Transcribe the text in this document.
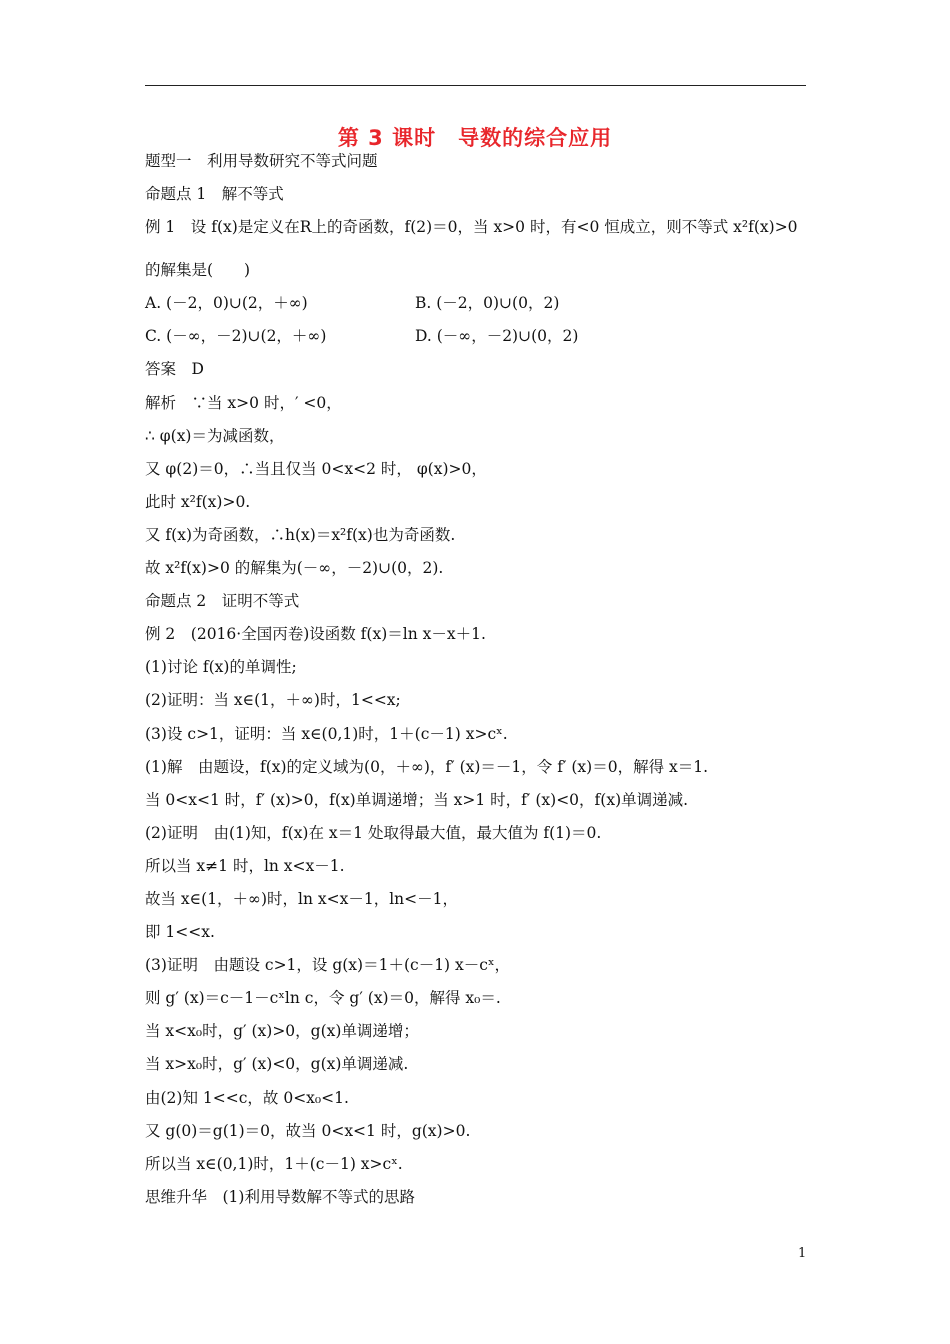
第 3 课时　导数的综合应用
题型一　利用导数研究不等式问题
命题点 1　解不等式
例 1　设 f(x)是定义在R上的奇函数，f(2)＝0，当 x>0 时，有<0 恒成立，则不等式 x²f(x)>0
的解集是(　　)
A. (－2，0)∪(2，＋∞)	B. (－2，0)∪(0，2)
C. (－∞，－2)∪(2，＋∞)	D. (－∞，－2)∪(0，2)
答案　D
解析　∵当 x>0 时，′ <0，
∴ φ(x)＝为减函数，
又 φ(2)＝0，∴当且仅当 0<x<2 时， φ(x)>0，
此时 x²f(x)>0.
又 f(x)为奇函数，∴h(x)＝x²f(x)也为奇函数.
故 x²f(x)>0 的解集为(－∞，－2)∪(0，2).
命题点 2　证明不等式
例 2　(2016·全国丙卷)设函数 f(x)＝ln x－x＋1.
(1)讨论 f(x)的单调性;
(2)证明：当 x∈(1，＋∞)时，1<<x;
(3)设 c>1，证明：当 x∈(0,1)时，1＋(c－1) x>cˣ.
(1)解　由题设，f(x)的定义域为(0，＋∞)，f′ (x)＝－1，令 f′ (x)＝0，解得 x＝1.
当 0<x<1 时，f′ (x)>0，f(x)单调递增；当 x>1 时，f′ (x)<0，f(x)单调递减.
(2)证明　由(1)知，f(x)在 x＝1 处取得最大值，最大值为 f(1)＝0.
所以当 x≠1 时，ln x<x－1.
故当 x∈(1，＋∞)时，ln x<x－1，ln<－1，
即 1<<x.
(3)证明　由题设 c>1，设 g(x)＝1＋(c－1) x－cˣ，
则 g′ (x)＝c－1－cˣln c，令 g′ (x)＝0，解得 x₀＝.
当 x<x₀时，g′ (x)>0，g(x)单调递增；
当 x>x₀时，g′ (x)<0，g(x)单调递减.
由(2)知 1<<c，故 0<x₀<1.
又 g(0)＝g(1)＝0，故当 0<x<1 时，g(x)>0.
所以当 x∈(0,1)时，1＋(c－1) x>cˣ.
思维升华　(1)利用导数解不等式的思路
1
